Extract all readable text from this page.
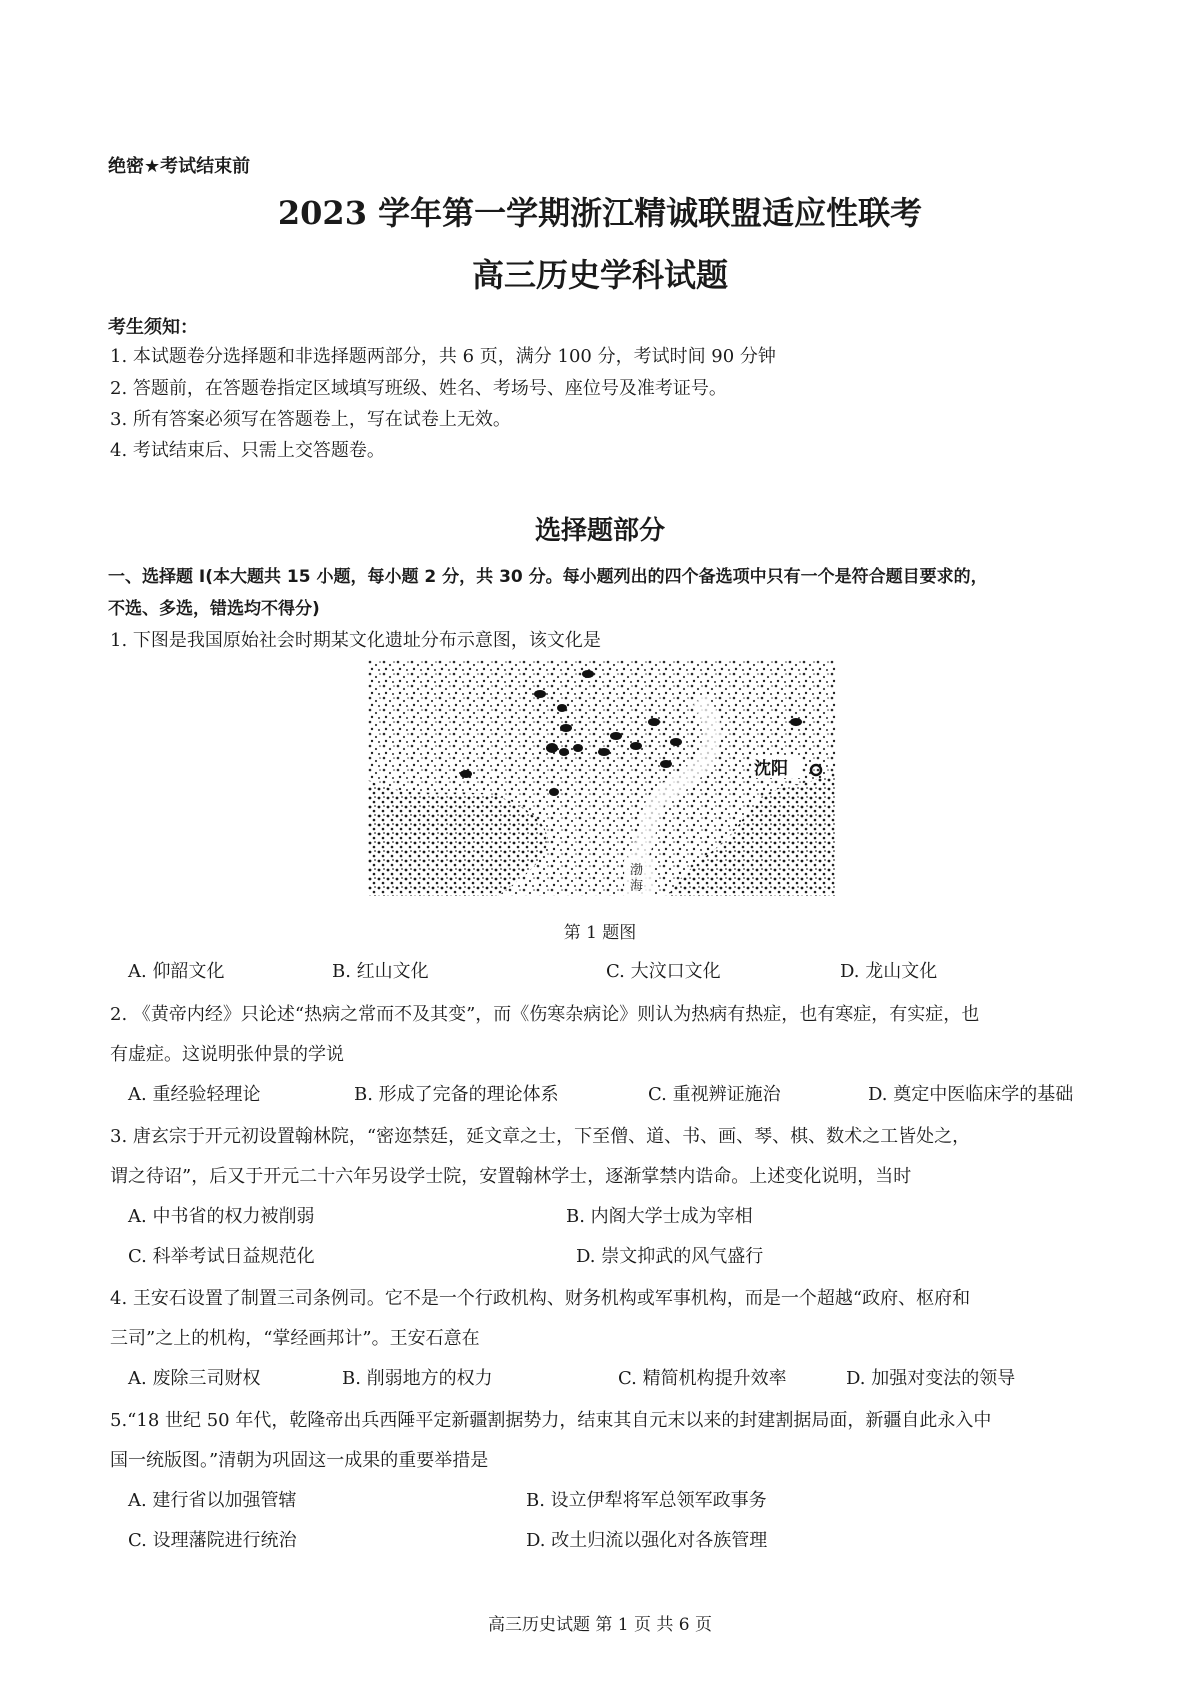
绝密★考试结束前
2023 学年第一学期浙江精诚联盟适应性联考
高三历史学科试题
考生须知：
1. 本试题卷分选择题和非选择题两部分，共 6 页，满分 100 分，考试时间 90 分钟
2. 答题前，在答题卷指定区域填写班级、姓名、考场号、座位号及准考证号。
3. 所有答案必须写在答题卷上，写在试卷上无效。
4. 考试结束后、只需上交答题卷。
选择题部分
一、选择题 I(本大题共 15 小题，每小题 2 分，共 30 分。每小题列出的四个备选项中只有一个是符合题目要求的，
不选、多选，错选均不得分)
1. 下图是我国原始社会时期某文化遗址分布示意图，该文化是
沈阳
渤
海
第 1 题图
A. 仰韶文化	B. 红山文化	C. 大汶口文化	D. 龙山文化
2. 《黄帝内经》只论述“热病之常而不及其变”，而《伤寒杂病论》则认为热病有热症，也有寒症，有实症，也
有虚症。这说明张仲景的学说
A. 重经验轻理论	B. 形成了完备的理论体系	C. 重视辨证施治	D. 奠定中医临床学的基础
3. 唐玄宗于开元初设置翰林院，“密迩禁廷，延文章之士，下至僧、道、书、画、琴、棋、数术之工皆处之，
谓之待诏”，后又于开元二十六年另设学士院，安置翰林学士，逐渐掌禁内诰命。上述变化说明，当时
A. 中书省的权力被削弱	B. 内阁大学士成为宰相
C. 科举考试日益规范化	D. 崇文抑武的风气盛行
4. 王安石设置了制置三司条例司。它不是一个行政机构、财务机构或军事机构，而是一个超越“政府、枢府和
三司”之上的机构，“掌经画邦计”。王安石意在
A. 废除三司财权	B. 削弱地方的权力	C. 精简机构提升效率	D. 加强对变法的领导
5.“18 世纪 50 年代，乾隆帝出兵西陲平定新疆割据势力，结束其自元末以来的封建割据局面，新疆自此永入中
国一统版图。”清朝为巩固这一成果的重要举措是
A. 建行省以加强管辖	B. 设立伊犁将军总领军政事务
C. 设理藩院进行统治	D. 改土归流以强化对各族管理
高三历史试题 第 1 页 共 6 页
